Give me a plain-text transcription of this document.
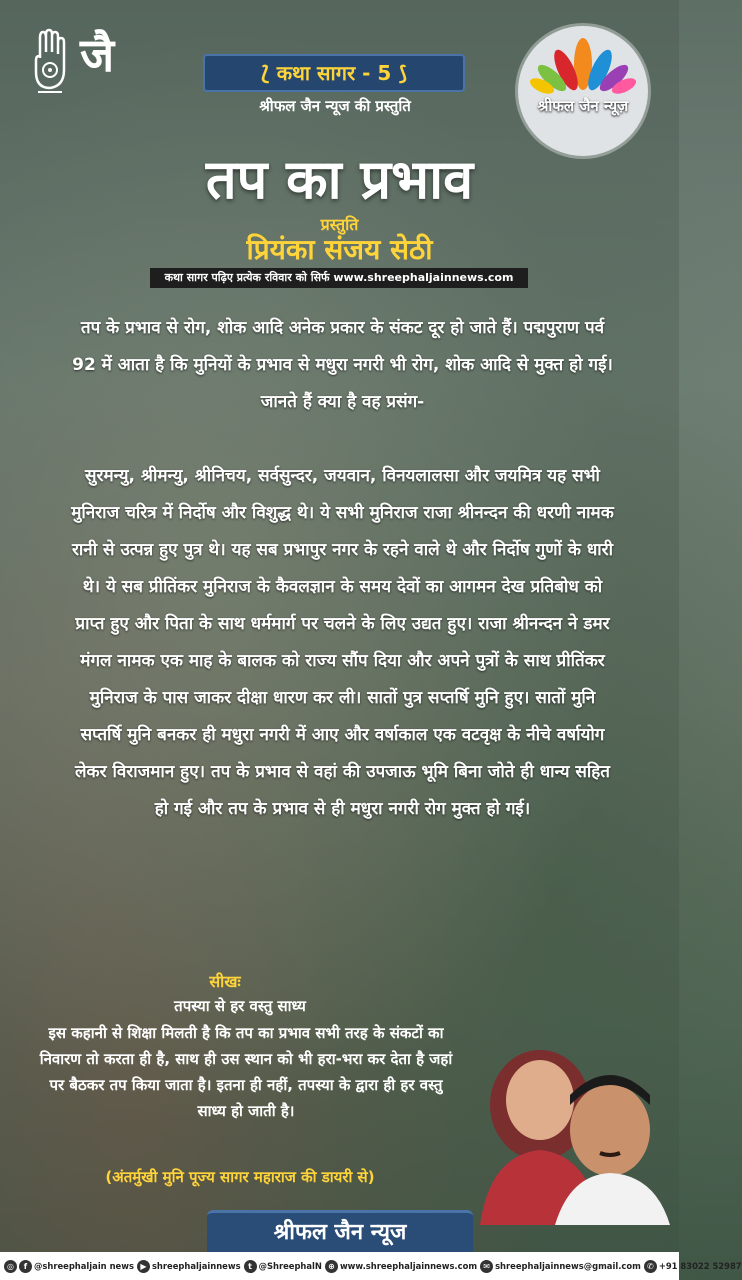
जै	⟅ कथा सागर - 5 ⟆
श्रीफल जैन न्यूज की प्रस्तुति	श्रीफल जैन न्यूज़
तप का प्रभाव
प्रस्तुति
प्रियंका संजय सेठी
कथा सागर पढ़िए प्रत्येक रविवार को सिर्फ www.shreephaljainnews.com

तप के प्रभाव से रोग, शोक आदि अनेक प्रकार के संकट दूर हो जाते हैं। पद्मपुराण पर्व 92 में आता है कि मुनियों के प्रभाव से मधुरा नगरी भी रोग, शोक आदि से मुक्त हो गई। जानते हैं क्या है वह प्रसंग-

सुरमन्यु, श्रीमन्यु, श्रीनिचय, सर्वसुन्दर, जयवान, विनयलालसा और जयमित्र यह सभी मुनिराज चरित्र में निर्दोष और विशुद्ध थे। ये सभी मुनिराज राजा श्रीनन्दन की धरणी नामक रानी से उत्पन्न हुए पुत्र थे। यह सब प्रभापुर नगर के रहने वाले थे और निर्दोष गुणों के धारी थे। ये सब प्रीतिंकर मुनिराज के कैवलज्ञान के समय देवों का आगमन देख प्रतिबोध को प्राप्त हुए और पिता के साथ धर्ममार्ग पर चलने के लिए उद्यत हुए। राजा श्रीनन्दन ने डमर मंगल नामक एक माह के बालक को राज्य सौंप दिया और अपने पुत्रों के साथ प्रीतिंकर मुनिराज के पास जाकर दीक्षा धारण कर ली। सातों पुत्र सप्तर्षि मुनि हुए। सातों मुनि सप्तर्षि मुनि बनकर ही मधुरा नगरी में आए और वर्षाकाल एक वटवृक्ष के नीचे वर्षायोग लेकर विराजमान हुए। तप के प्रभाव से वहां की उपजाऊ भूमि बिना जोते ही धान्य सहित हो गई और तप के प्रभाव से ही मधुरा नगरी रोग मुक्त हो गई।

सीखः
तपस्या से हर वस्तु साध्य
इस कहानी से शिक्षा मिलती है कि तप का प्रभाव सभी तरह के संकटों का निवारण तो करता ही है, साथ ही उस स्थान को भी हरा-भरा कर देता है जहां पर बैठकर तप किया जाता है। इतना ही नहीं, तपस्या के द्वारा ही हर वस्तु साध्य हो जाती है।
(अंतर्मुखी मुनि पूज्य सागर महाराज की डायरी से)
श्रीफल जैन न्यूज
◎	f @shreephaljain news ▶ shreephaljainnews t @ShreephalN ⊕ www.shreephaljainnews.com ✉ shreephaljainnews@gmail.com ✆ +91 83022 52987
